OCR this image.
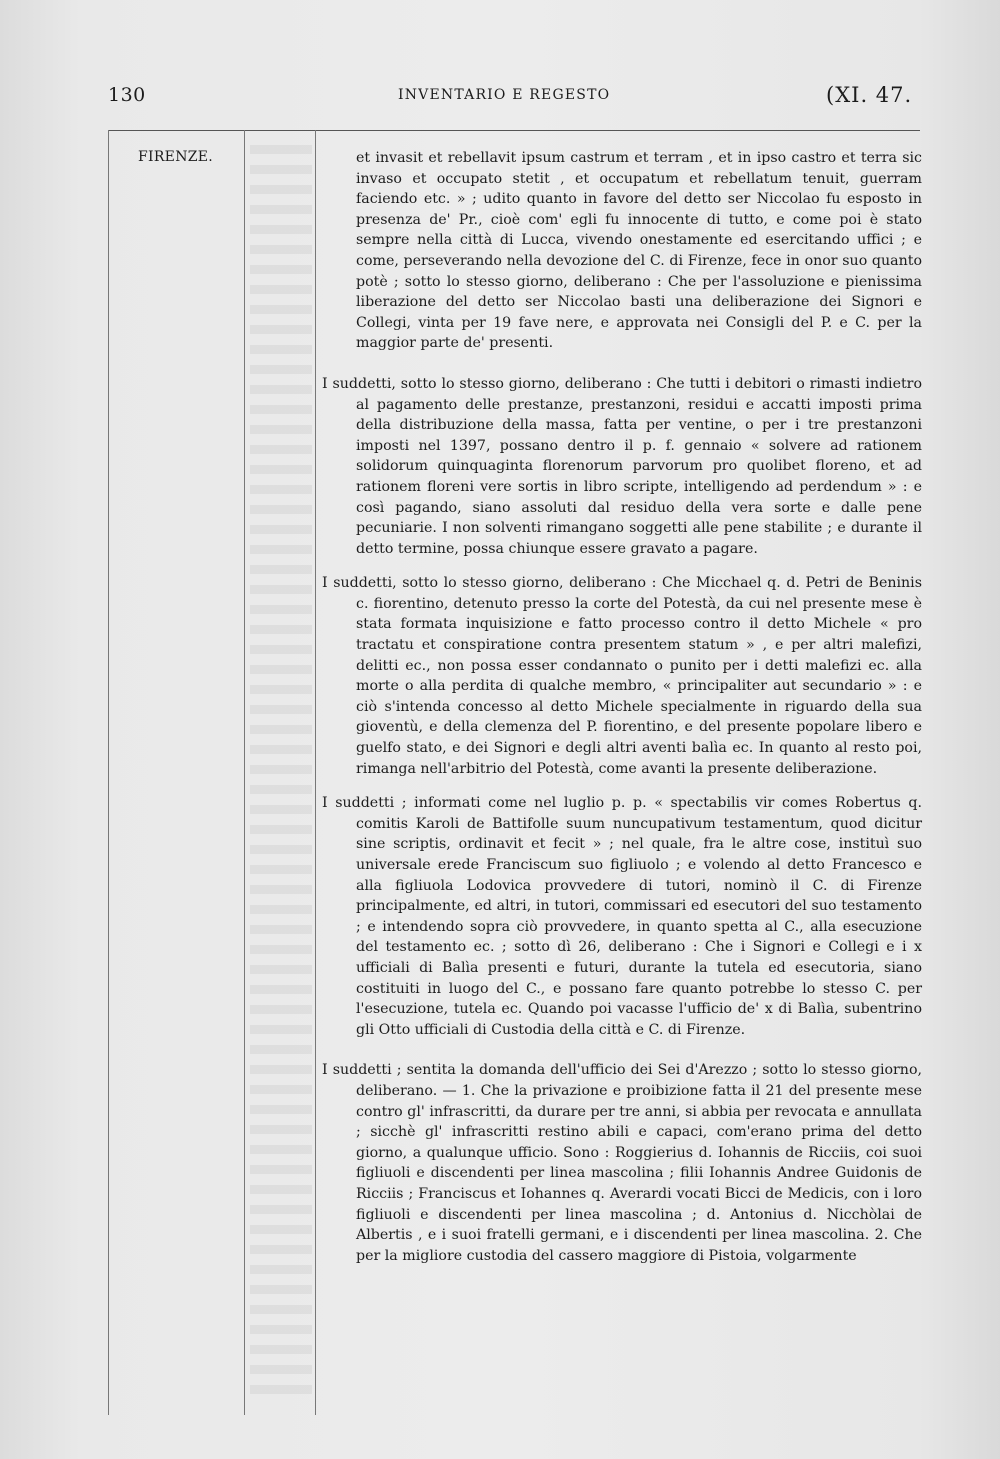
130	INVENTARIO E REGESTO	(XI. 47.
FIRENZE.	et invasit et rebellavit ipsum castrum et terram , et in ipso castro et terra sic invaso et occupato stetit , et occupatum et rebellatum tenuit, guerram faciendo etc. » ; udito quanto in favore del detto ser Niccolao fu esposto in presenza de' Pr., cioè com' egli fu innocente di tutto, e come poi è stato sempre nella città di Lucca, vivendo onestamente ed esercitando uffici ; e come, perseverando nella devozione del C. di Firenze, fece in onor suo quanto potè ; sotto lo stesso giorno, deliberano : Che per l'assoluzione e pienissima liberazione del detto ser Niccolao basti una deliberazione dei Signori e Collegi, vinta per 19 fave nere, e approvata nei Consigli del P. e C. per la maggior parte de' presenti.

I suddetti, sotto lo stesso giorno, deliberano : Che tutti i debitori o rimasti indietro al pagamento delle prestanze, prestanzoni, residui e accatti imposti prima della distribuzione della massa, fatta per ventine, o per i tre prestanzoni imposti nel 1397, possano dentro il p. f. gennaio « solvere ad rationem solidorum quinquaginta florenorum parvorum pro quolibet floreno, et ad rationem floreni vere sortis in libro scripte, intelligendo ad perdendum » : e così pagando, siano assoluti dal residuo della vera sorte e dalle pene pecuniarie. I non solventi rimangano soggetti alle pene stabilite ; e durante il detto termine, possa chiunque essere gravato a pagare.

I suddetti, sotto lo stesso giorno, deliberano : Che Micchael q. d. Petri de Beninis c. fiorentino, detenuto presso la corte del Potestà, da cui nel presente mese è stata formata inquisizione e fatto processo contro il detto Michele « pro tractatu et conspiratione contra presentem statum » , e per altri malefizi, delitti ec., non possa esser condannato o punito per i detti malefizi ec. alla morte o alla perdita di qualche membro, « principaliter aut secundario » : e ciò s'intenda concesso al detto Michele specialmente in riguardo della sua gioventù, e della clemenza del P. fiorentino, e del presente popolare libero e guelfo stato, e dei Signori e degli altri aventi balìa ec. In quanto al resto poi, rimanga nell'arbitrio del Potestà, come avanti la presente deliberazione.

I suddetti ; informati come nel luglio p. p. « spectabilis vir comes Robertus q. comitis Karoli de Battifolle suum nuncupativum testamentum, quod dicitur sine scriptis, ordinavit et fecit » ; nel quale, fra le altre cose, instituì suo universale erede Franciscum suo figliuolo ; e volendo al detto Francesco e alla figliuola Lodovica provvedere di tutori, nominò il C. di Firenze principalmente, ed altri, in tutori, commissari ed esecutori del suo testamento ; e intendendo sopra ciò provvedere, in quanto spetta al C., alla esecuzione del testamento ec. ; sotto dì 26, deliberano : Che i Signori e Collegi e i x ufficiali di Balìa presenti e futuri, durante la tutela ed esecutoria, siano costituiti in luogo del C., e possano fare quanto potrebbe lo stesso C. per l'esecuzione, tutela ec. Quando poi vacasse l'ufficio de' x di Balìa, subentrino gli Otto ufficiali di Custodia della città e C. di Firenze.

I suddetti ; sentita la domanda dell'ufficio dei Sei d'Arezzo ; sotto lo stesso giorno, deliberano. — 1. Che la privazione e proibizione fatta il 21 del presente mese contro gl' infrascritti, da durare per tre anni, si abbia per revocata e annullata ; sicchè gl' infrascritti restino abili e capaci, com'erano prima del detto giorno, a qualunque ufficio. Sono : Roggierius d. Iohannis de Ricciis, coi suoi figliuoli e discendenti per linea mascolina ; filii Iohannis Andree Guidonis de Ricciis ; Franciscus et Iohannes q. Averardi vocati Bicci de Medicis, con i loro figliuoli e discendenti per linea mascolina ; d. Antonius d. Nicchòlai de Albertis , e i suoi fratelli germani, e i discendenti per linea mascolina. 2. Che per la migliore custodia del cassero maggiore di Pistoia, volgarmente
